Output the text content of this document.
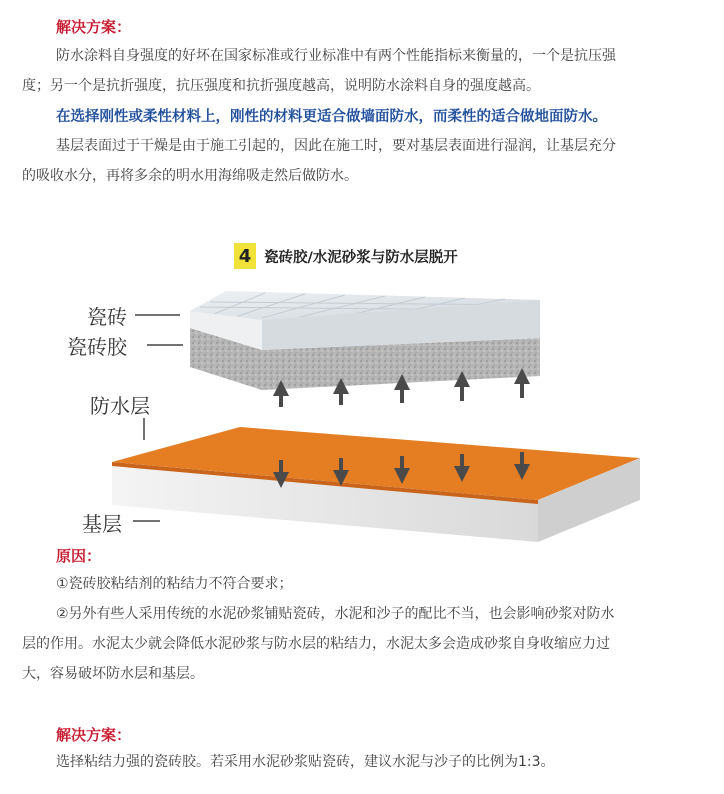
解决方案：
防水涂料自身强度的好坏在国家标准或行业标准中有两个性能指标来衡量的，一个是抗压强
度；另一个是抗折强度，抗压强度和抗折强度越高，说明防水涂料自身的强度越高。
在选择刚性或柔性材料上，刚性的材料更适合做墙面防水，而柔性的适合做地面防水。
基层表面过于干燥是由于施工引起的，因此在施工时，要对基层表面进行湿润，让基层充分
的吸收水分，再将多余的明水用海绵吸走然后做防水。
4 瓷砖胶/水泥砂浆与防水层脱开
瓷砖
瓷砖胶
防水层
基层
原因：
①瓷砖胶粘结剂的粘结力不符合要求；
②另外有些人采用传统的水泥砂浆铺贴瓷砖，水泥和沙子的配比不当，也会影响砂浆对防水
层的作用。水泥太少就会降低水泥砂浆与防水层的粘结力，水泥太多会造成砂浆自身收缩应力过
大，容易破坏防水层和基层。
解决方案：
选择粘结力强的瓷砖胶。若采用水泥砂浆贴瓷砖，建议水泥与沙子的比例为1:3。
